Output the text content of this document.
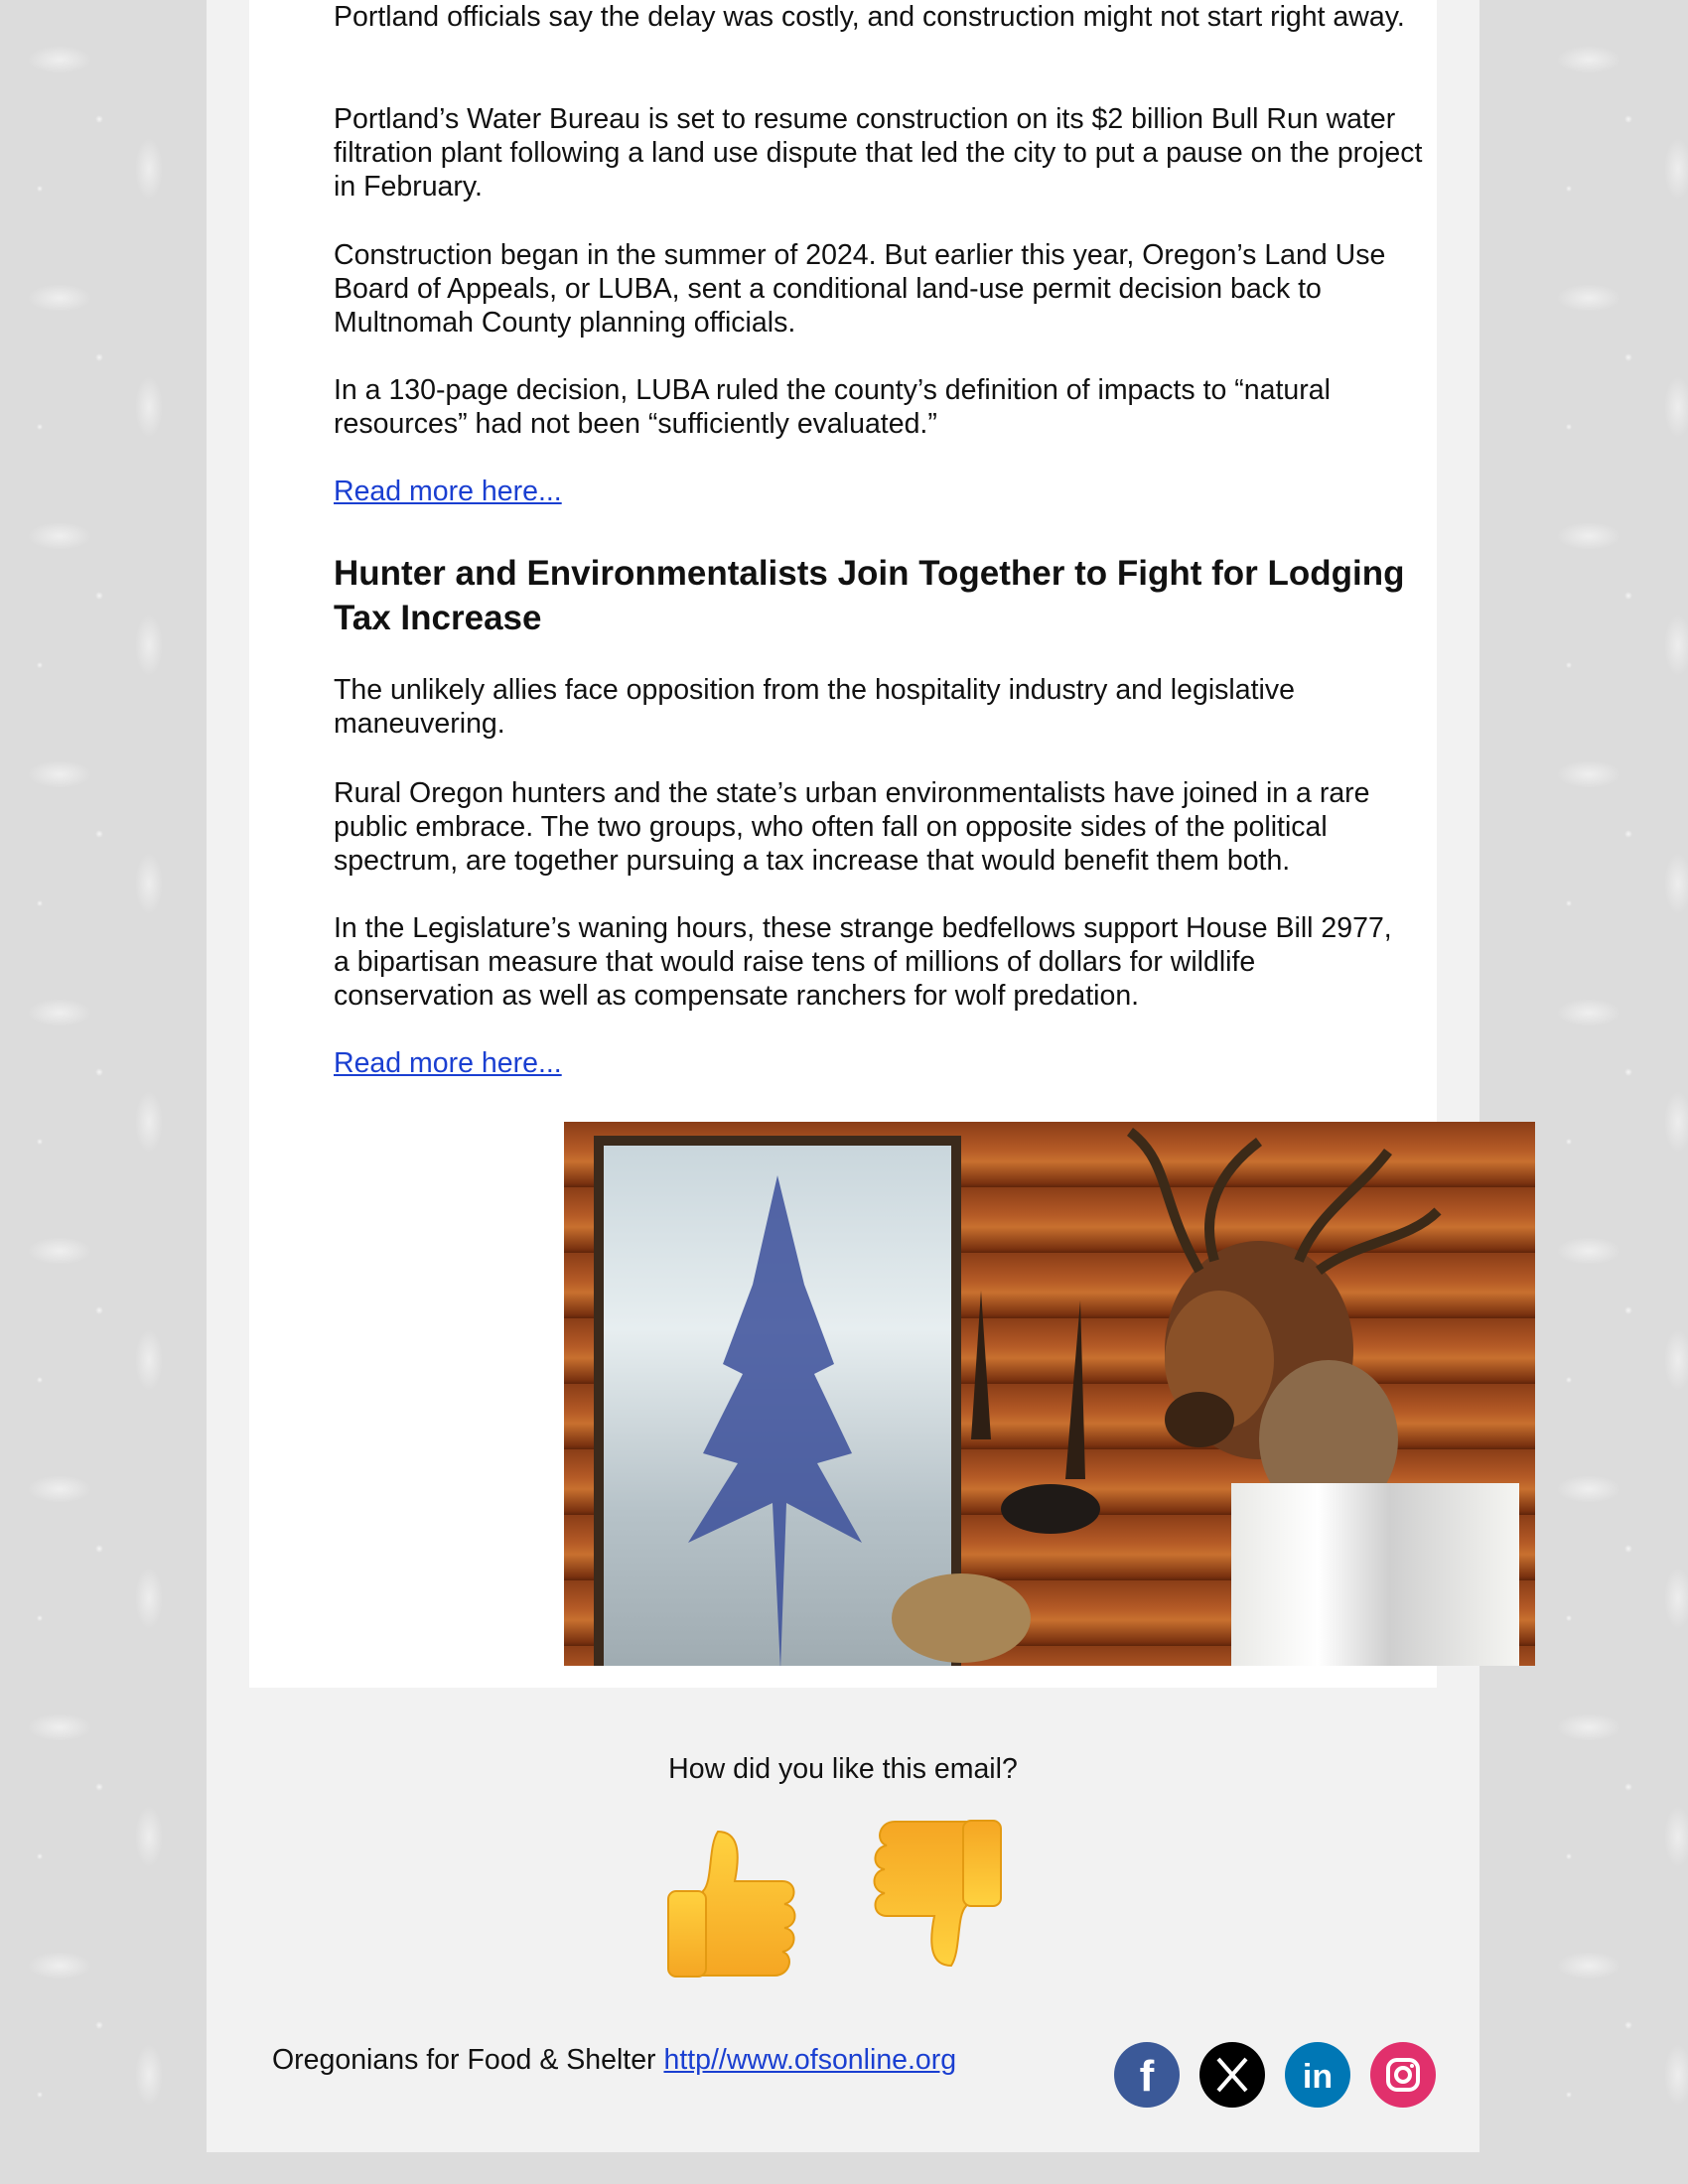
Portland officials say the delay was costly, and construction might not start right away.

Portland’s Water Bureau is set to resume construction on its $2 billion Bull Run water filtration plant following a land use dispute that led the city to put a pause on the project in February.

Construction began in the summer of 2024. But earlier this year, Oregon’s Land Use Board of Appeals, or LUBA, sent a conditional land-use permit decision back to Multnomah County planning officials.

In a 130-page decision, LUBA ruled the county’s definition of impacts to “natural resources” had not been “sufficiently evaluated.”

Read more here...
Hunter and Environmentalists Join Together to Fight for Lodging Tax Increase

The unlikely allies face opposition from the hospitality industry and legislative maneuvering.

Rural Oregon hunters and the state’s urban environmentalists have joined in a rare public embrace. The two groups, who often fall on opposite sides of the political spectrum, are together pursuing a tax increase that would benefit them both.

In the Legislature’s waning hours, these strange bedfellows support House Bill 2977, a bipartisan measure that would raise tens of millions of dollars for wildlife conservation as well as compensate ranchers for wolf predation.

Read more here...
How did you like this email?
Oregonians for Food & Shelter http//www.ofsonline.org	f	in
